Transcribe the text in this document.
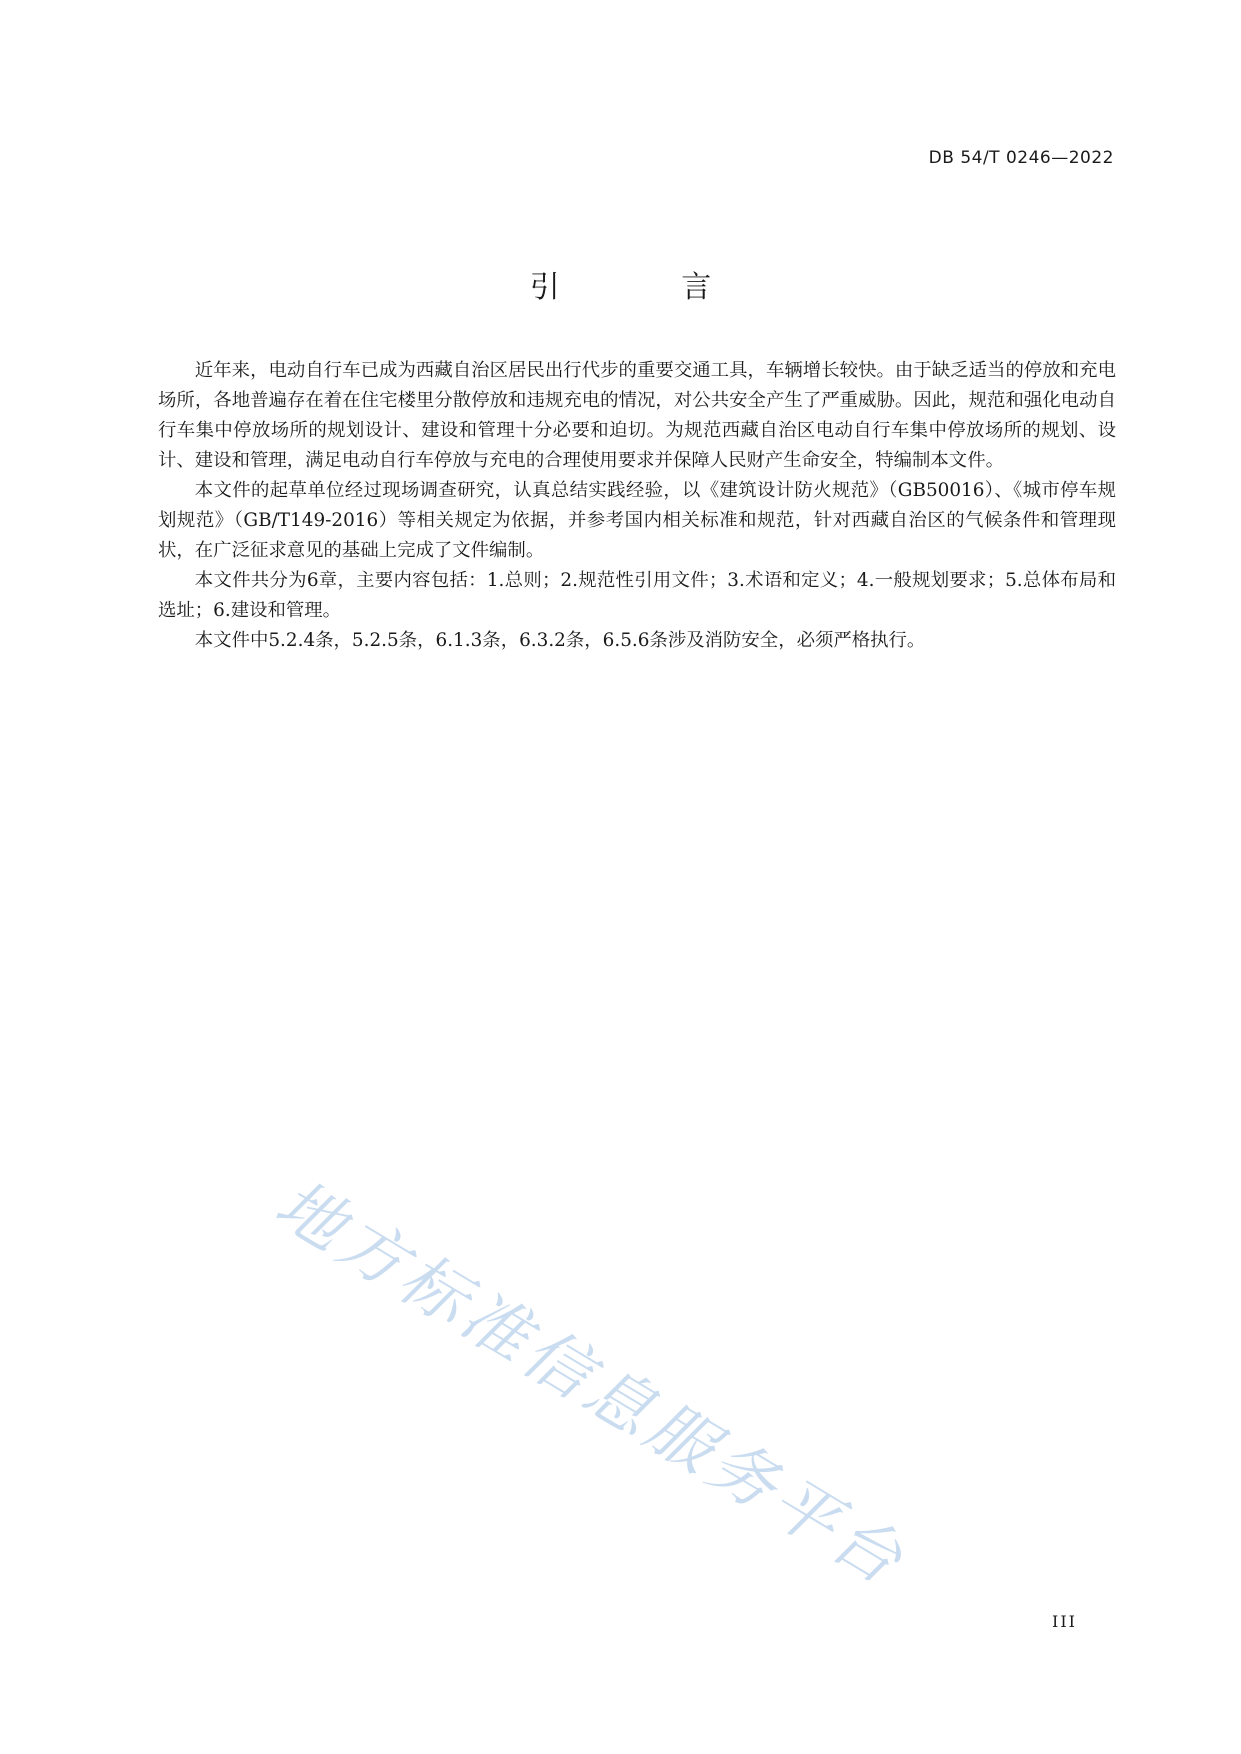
DB 54/T 0246—2022
引 言

近年来，电动自行车已成为西藏自治区居民出行代步的重要交通工具，车辆增长较快。由于缺乏适当的停放和充电场所，各地普遍存在着在住宅楼里分散停放和违规充电的情况，对公共安全产生了严重威胁。因此，规范和强化电动自行车集中停放场所的规划设计、建设和管理十分必要和迫切。为规范西藏自治区电动自行车集中停放场所的规划、设计、建设和管理，满足电动自行车停放与充电的合理使用要求并保障人民财产生命安全，特编制本文件。

本文件的起草单位经过现场调查研究，认真总结实践经验，以《建筑设计防火规范》（GB50016）、《城市停车规划规范》（GB/T149-2016）等相关规定为依据，并参考国内相关标准和规范，针对西藏自治区的气候条件和管理现状，在广泛征求意见的基础上完成了文件编制。

本文件共分为6章，主要内容包括：1.总则；2.规范性引用文件；3.术语和定义；4.一般规划要求；5.总体布局和选址；6.建设和管理。

本文件中5.2.4条，5.2.5条，6.1.3条，6.3.2条，6.5.6条涉及消防安全，必须严格执行。

地方标准信息服务平台
III
